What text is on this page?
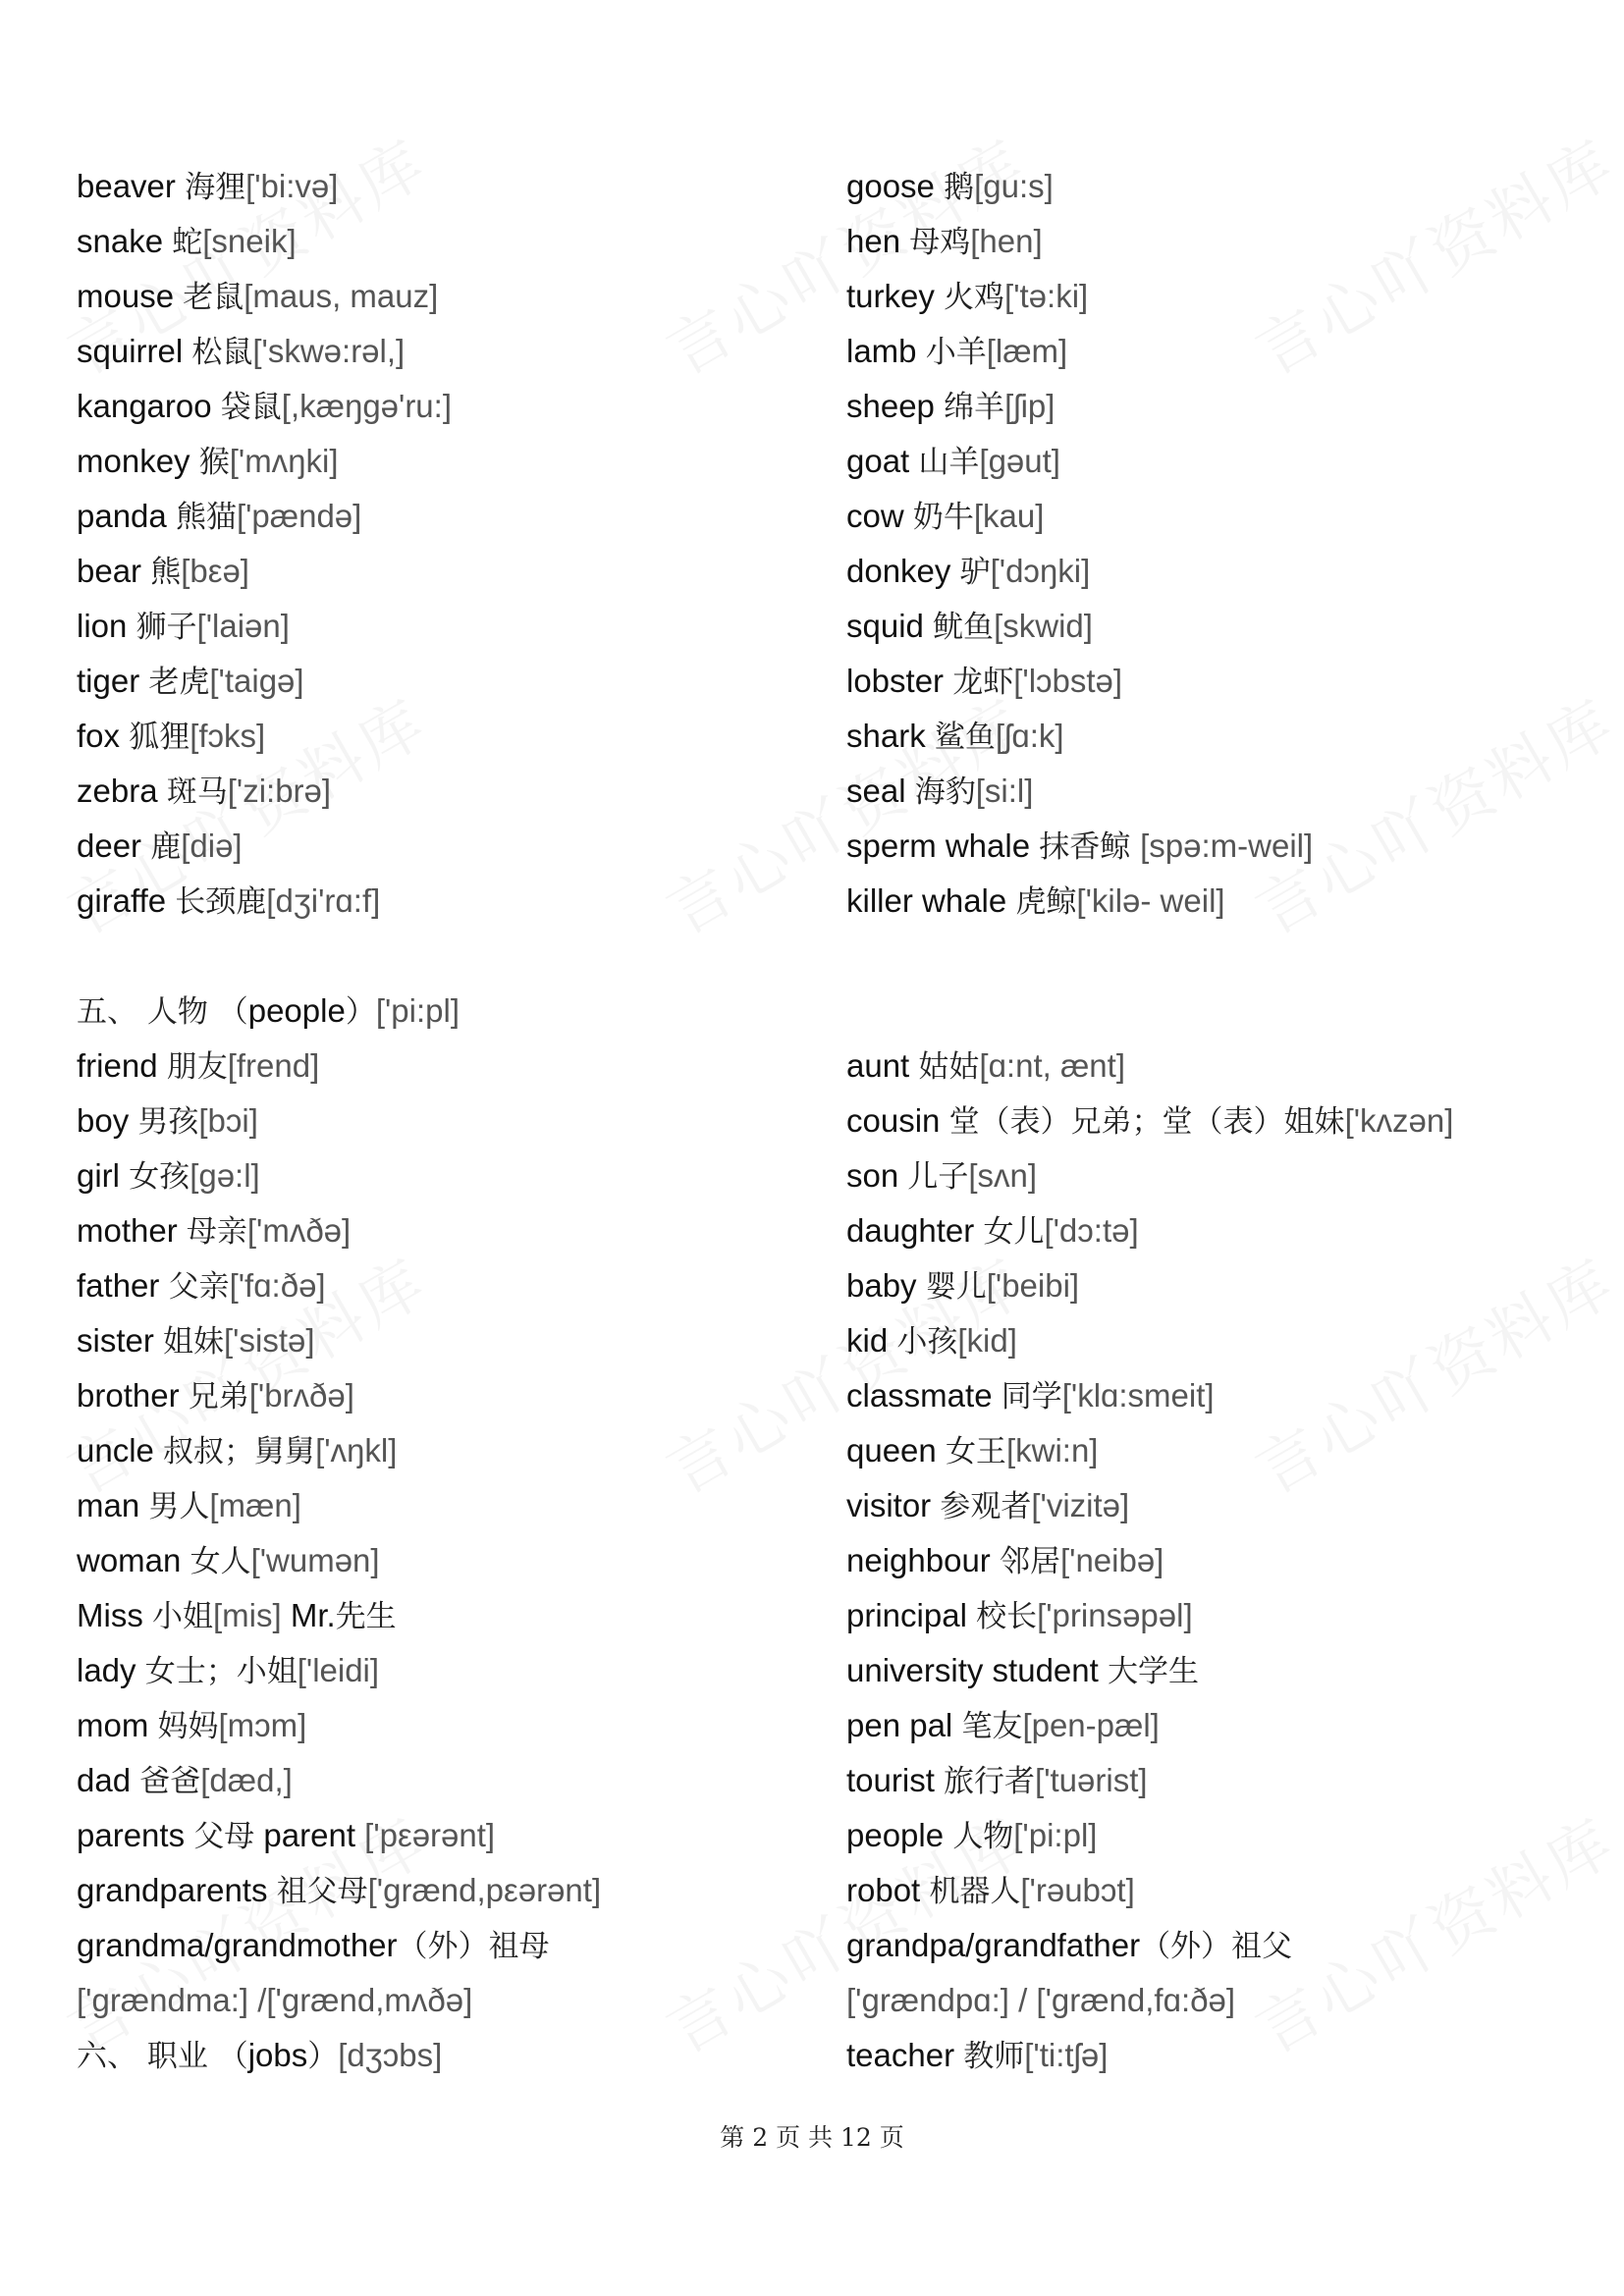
beaver 海狸['bi:və]
snake 蛇[sneik]
mouse 老鼠[maus, mauz]
squirrel 松鼠['skwə:rəl,]
kangaroo 袋鼠[,kæŋgə'ru:]
monkey 猴['mʌŋki]
panda 熊猫['pændə]
bear 熊[bεə]
lion 狮子['laiən]
tiger 老虎['taigə]
fox 狐狸[fɔks]
zebra 斑马['zi:brə]
deer 鹿[diə]
giraffe 长颈鹿[dʒi'rɑ:f]
五、 人物 （people）['pi:pl]
friend 朋友[frend]
boy 男孩[bɔi]
girl 女孩[gə:l]
mother 母亲['mʌðə]
father 父亲['fɑ:ðə]
sister 姐妹['sistə]
brother 兄弟['brʌðə]
uncle 叔叔；舅舅['ʌŋkl]
man 男人[mæn]
woman 女人['wumən]
Miss 小姐[mis] Mr.先生
lady 女士；小姐['leidi]
mom 妈妈[mɔm]
dad 爸爸[dæd,]
parents 父母 parent ['pεərənt]
grandparents 祖父母['grænd,pεərənt]
grandma/grandmother（外）祖母
['grændma:] /['grænd,mʌðə]
六、 职业 （jobs）[dʒɔbs]
goose 鹅[gu:s]
hen 母鸡[hen]
turkey 火鸡['tə:ki]
lamb 小羊[læm]
sheep 绵羊[ʃip]
goat 山羊[gəut]
cow 奶牛[kau]
donkey 驴['dɔŋki]
squid 鱿鱼[skwid]
lobster 龙虾['lɔbstə]
shark 鲨鱼[ʃɑ:k]
seal 海豹[si:l]
sperm whale 抹香鲸 [spə:m-weil]
killer whale 虎鲸['kilə- weil]
aunt 姑姑[ɑ:nt, ænt]
cousin 堂（表）兄弟；堂（表）姐妹['kʌzən]
son 儿子[sʌn]
daughter 女儿['dɔ:tə]
baby 婴儿['beibi]
kid 小孩[kid]
classmate 同学['klɑ:smeit]
queen 女王[kwi:n]
visitor 参观者['vizitə]
neighbour 邻居['neibə]
principal 校长['prinsəpəl]
university student 大学生
pen pal 笔友[pen-pæl]
tourist 旅行者['tuərist]
people 人物['pi:pl]
robot 机器人['rəubɔt]
grandpa/grandfather（外）祖父
['grændpɑ:] / ['grænd,fɑ:ðə]
teacher 教师['ti:tʃə]
第 2 页 共 12 页
